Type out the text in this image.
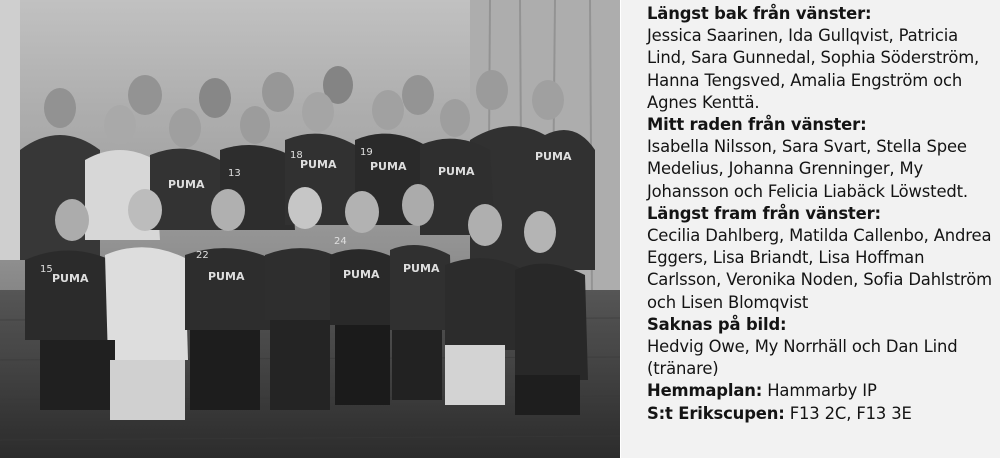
PUMA
PUMA	PUMA	PUMA
PUMA
13
18	19
PUMA	PUMA	PUMA PUMA
22
24
15

Längst bak från vänster:

Jessica Saarinen, Ida Gullqvist, Patricia Lind, Sara Gunnedal, Sophia Söderström, Hanna Tengsved, Amalia Engström och Agnes Kenttä.

Mitt raden från vänster:

Isabella Nilsson, Sara Svart, Stella Spee Medelius, Johanna Grenninger, My Johansson och Felicia Liabäck Löwstedt.

Längst fram från vänster:

Cecilia Dahlberg, Matilda Callenbo, Andrea Eggers, Lisa Briandt, Lisa Hoffman Carlsson, Veronika Noden, Sofia Dahlström och Lisen Blomqvist

Saknas på bild:

Hedvig Owe, My Norrhäll och Dan Lind (tränare)

Hemmaplan: Hammarby IP

S:t Erikscupen: F13 2C, F13 3E
